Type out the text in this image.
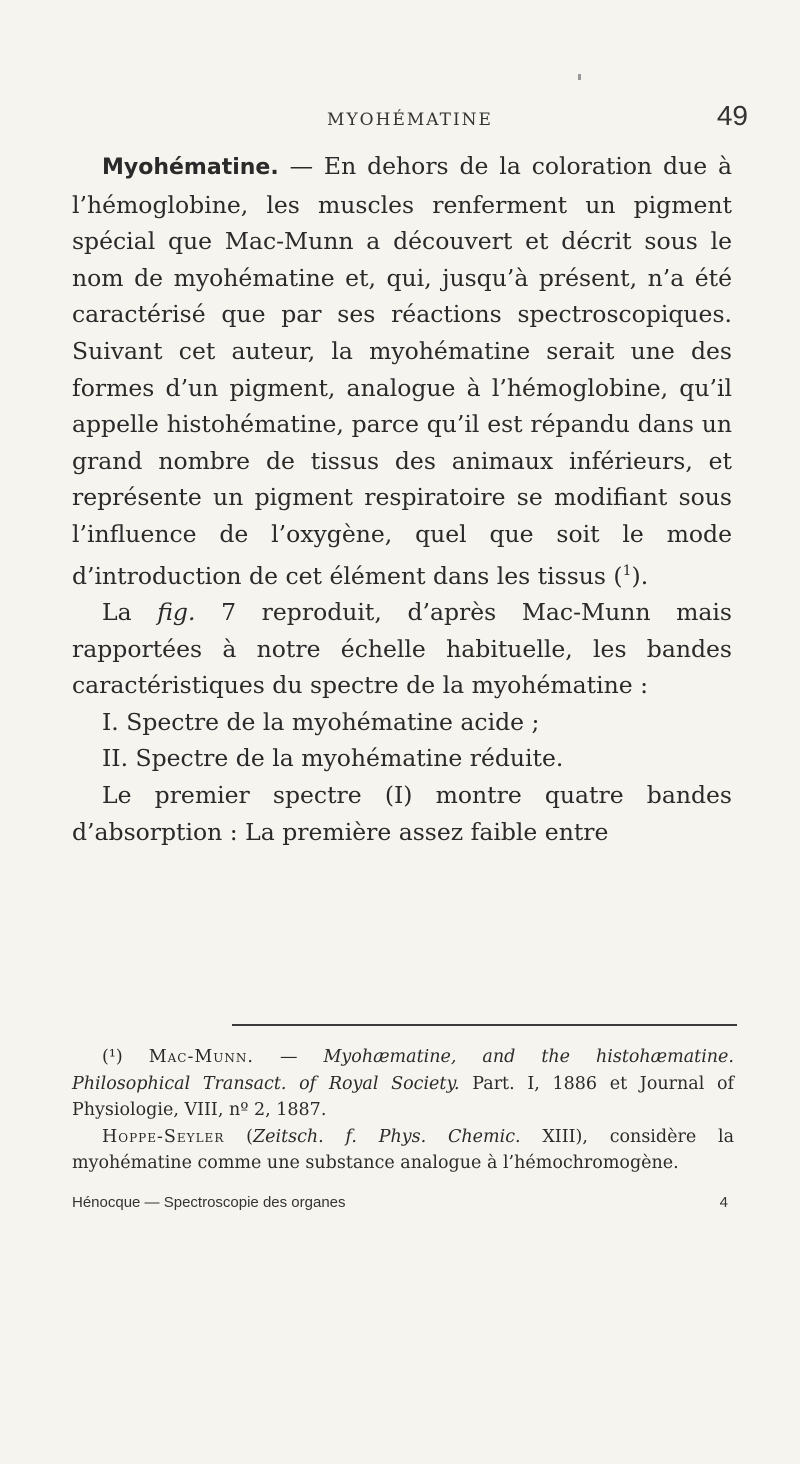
MYOHÉMATINE	49

Myohématine. — En dehors de la coloration due à l’hémoglobine, les muscles renferment un pigment spécial que Mac-Munn a découvert et décrit sous le nom de myohématine et, qui, jusqu’à présent, n’a été caractérisé que par ses réactions spectroscopiques. Suivant cet auteur, la myohématine serait une des formes d’un pigment, analogue à l’hémoglobine, qu’il appelle histohématine, parce qu’il est répandu dans un grand nombre de tissus des animaux inférieurs, et représente un pigment respiratoire se modifiant sous l’influence de l’oxygène, quel que soit le mode d’introduction de cet élément dans les tissus ($^1$).

La fig. 7 reproduit, d’après Mac-Munn mais rapportées à notre échelle habituelle, les bandes caractéristiques du spectre de la myohématine :

I. Spectre de la myohématine acide ;

II. Spectre de la myohématine réduite.

Le premier spectre (I) montre quatre bandes d’absorption : La première assez faible entre

(¹) Mac-Munn. — Myohæmatine, and the histohæmatine. Philosophical Transact. of Royal Society. Part. I, 1886 et Journal of Physiologie, VIII, nº 2, 1887.

Hoppe-Seyler (Zeitsch. f. Phys. Chemic. XIII), considère la myohématine comme une substance analogue à l’hémochromogène.

Hénocque — Spectroscopie des organes	4
